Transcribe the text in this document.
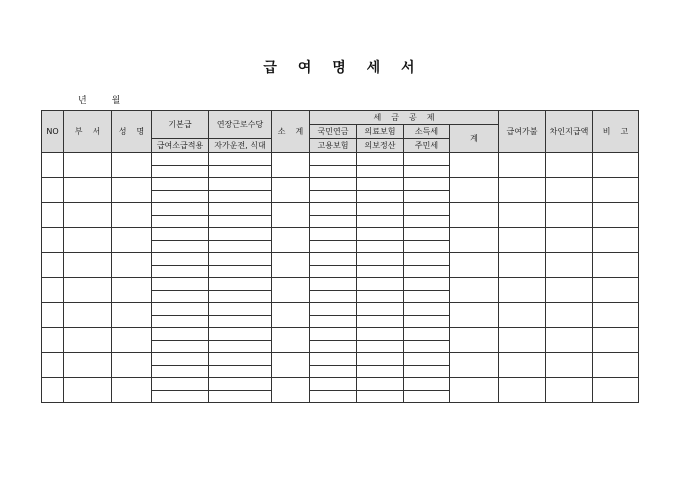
급 여 명 세 서
년	월
NO	부 서	성 명	기본급	연장근로수당	소 계	세 금 공 제				급여가불	차인지급액	비 고
						국민연금	의료보험	소득세	계			
			급여소급적용	자가운전, 식대		고용보험	의보정산	주민세				
